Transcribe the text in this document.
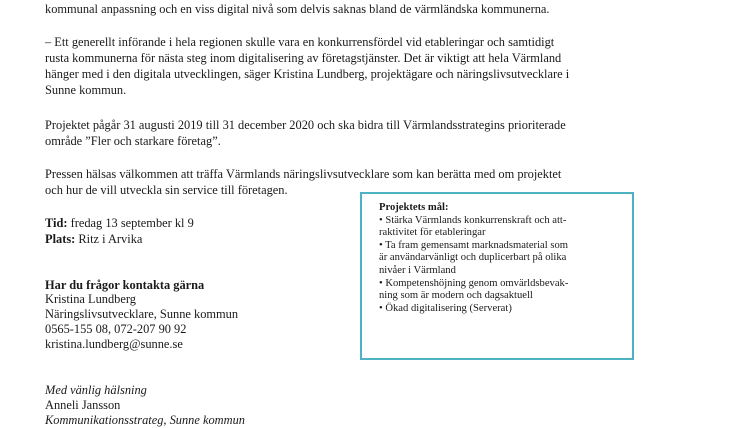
kommunal anpassning och en viss digital nivå som delvis saknas bland de värmländska kommunerna.

– Ett generellt införande i hela regionen skulle vara en konkurrensfördel vid etableringar och samtidigt

rusta kommunerna för nästa steg inom digitalisering av företagstjänster. Det är viktigt att hela Värmland

hänger med i den digitala utvecklingen, säger Kristina Lundberg, projektägare och näringslivsutvecklare i

Sunne kommun.

Projektet pågår 31 augusti 2019 till 31 december 2020 och ska bidra till Värmlandsstrategins prioriterade

område ”Fler och starkare företag”.

Pressen hälsas välkommen att träffa Värmlands näringslivsutvecklare som kan berätta med om projektet

och hur de vill utveckla sin service till företagen.

Tid: fredag 13 september kl 9

Plats: Ritz i Arvika

Har du frågor kontakta gärna

Kristina Lundberg

Näringslivsutvecklare, Sunne kommun

0565-155 08, 072-207 90 92

kristina.lundberg@sunne.se

Med vänlig hälsning

Anneli Jansson

Kommunikationsstrateg, Sunne kommun

Projektets mål:
• Stärka Värmlands konkurrenskraft och att-
raktivitet för etableringar
• Ta fram gemensamt marknadsmaterial som
är användarvänligt och duplicerbart på olika
nivåer i Värmland
• Kompetenshöjning genom omvärldsbevak-
ning som är modern och dagsaktuell
• Ökad digitalisering (Serverat)
